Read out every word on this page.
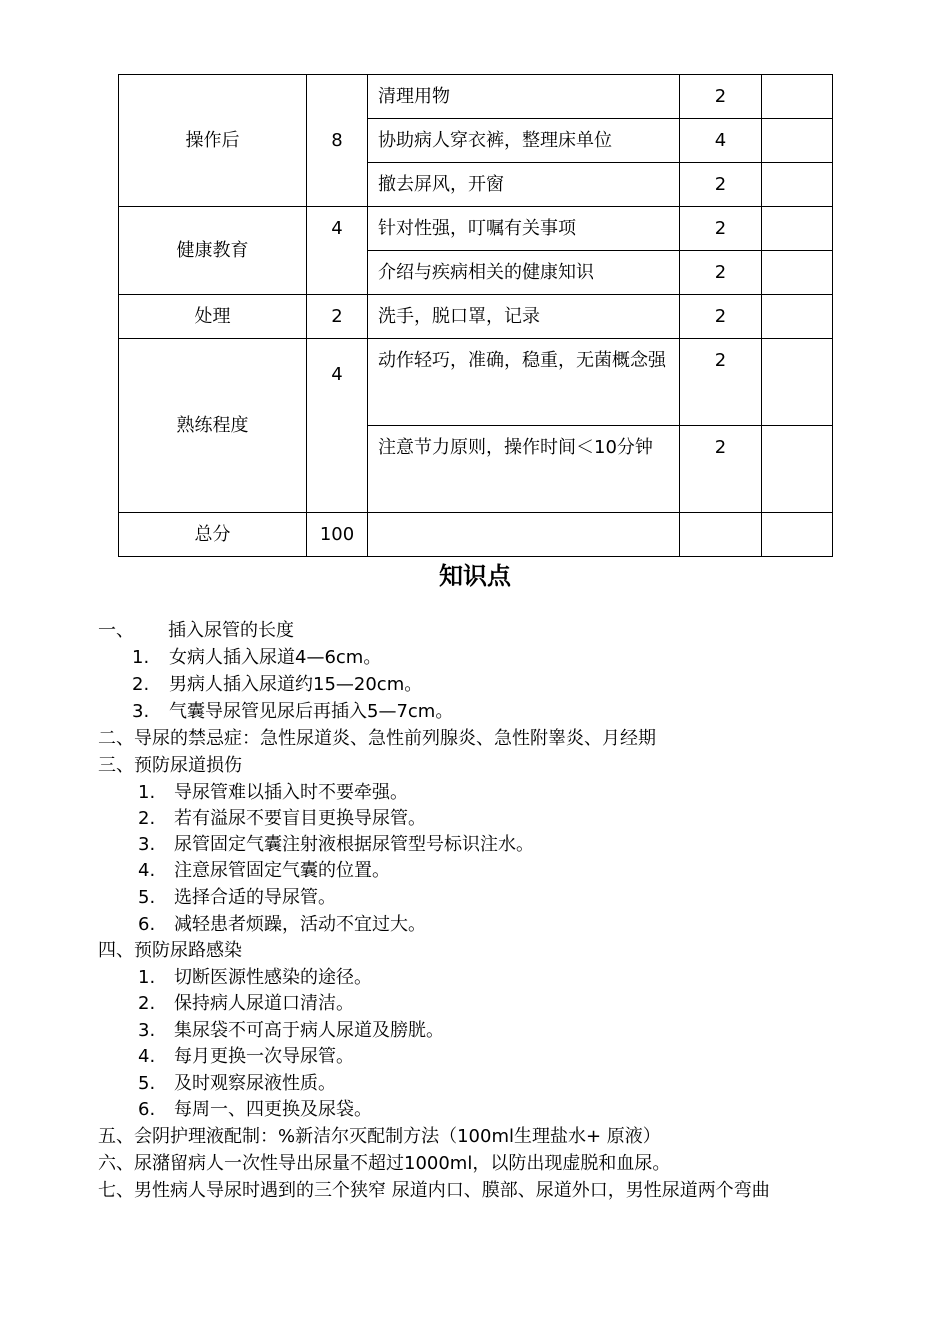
操作后	8	清理用物	2	
		协助病人穿衣裤，整理床单位	4	
		撤去屏风，开窗	2	
健康教育	4	针对性强，叮嘱有关事项	2	
		介绍与疾病相关的健康知识	2	
处理	2	洗手，脱口罩，记录	2	
熟练程度	4	动作轻巧，准确，稳重，无菌概念强	2	
		注意节力原则，操作时间＜10分钟	2	
总分	100			
知识点
一、 插入尿管的长度
1. 女病人插入尿道4—6cm。
2. 男病人插入尿道约15—20cm。
3. 气囊导尿管见尿后再插入5—7cm。
二、导尿的禁忌症：急性尿道炎、急性前列腺炎、急性附睾炎、月经期
三、预防尿道损伤
1. 导尿管难以插入时不要牵强。
2. 若有溢尿不要盲目更换导尿管。
3. 尿管固定气囊注射液根据尿管型号标识注水。
4. 注意尿管固定气囊的位置。
5. 选择合适的导尿管。
6. 减轻患者烦躁，活动不宜过大。
四、预防尿路感染
1. 切断医源性感染的途径。
2. 保持病人尿道口清洁。
3. 集尿袋不可高于病人尿道及膀胱。
4. 每月更换一次导尿管。
5. 及时观察尿液性质。
6. 每周一、四更换及尿袋。
五、会阴护理液配制：%新洁尔灭配制方法（100ml生理盐水+ 原液）
六、尿潴留病人一次性导出尿量不超过1000ml，以防出现虚脱和血尿。
七、男性病人导尿时遇到的三个狭窄 尿道内口、膜部、尿道外口，男性尿道两个弯曲
